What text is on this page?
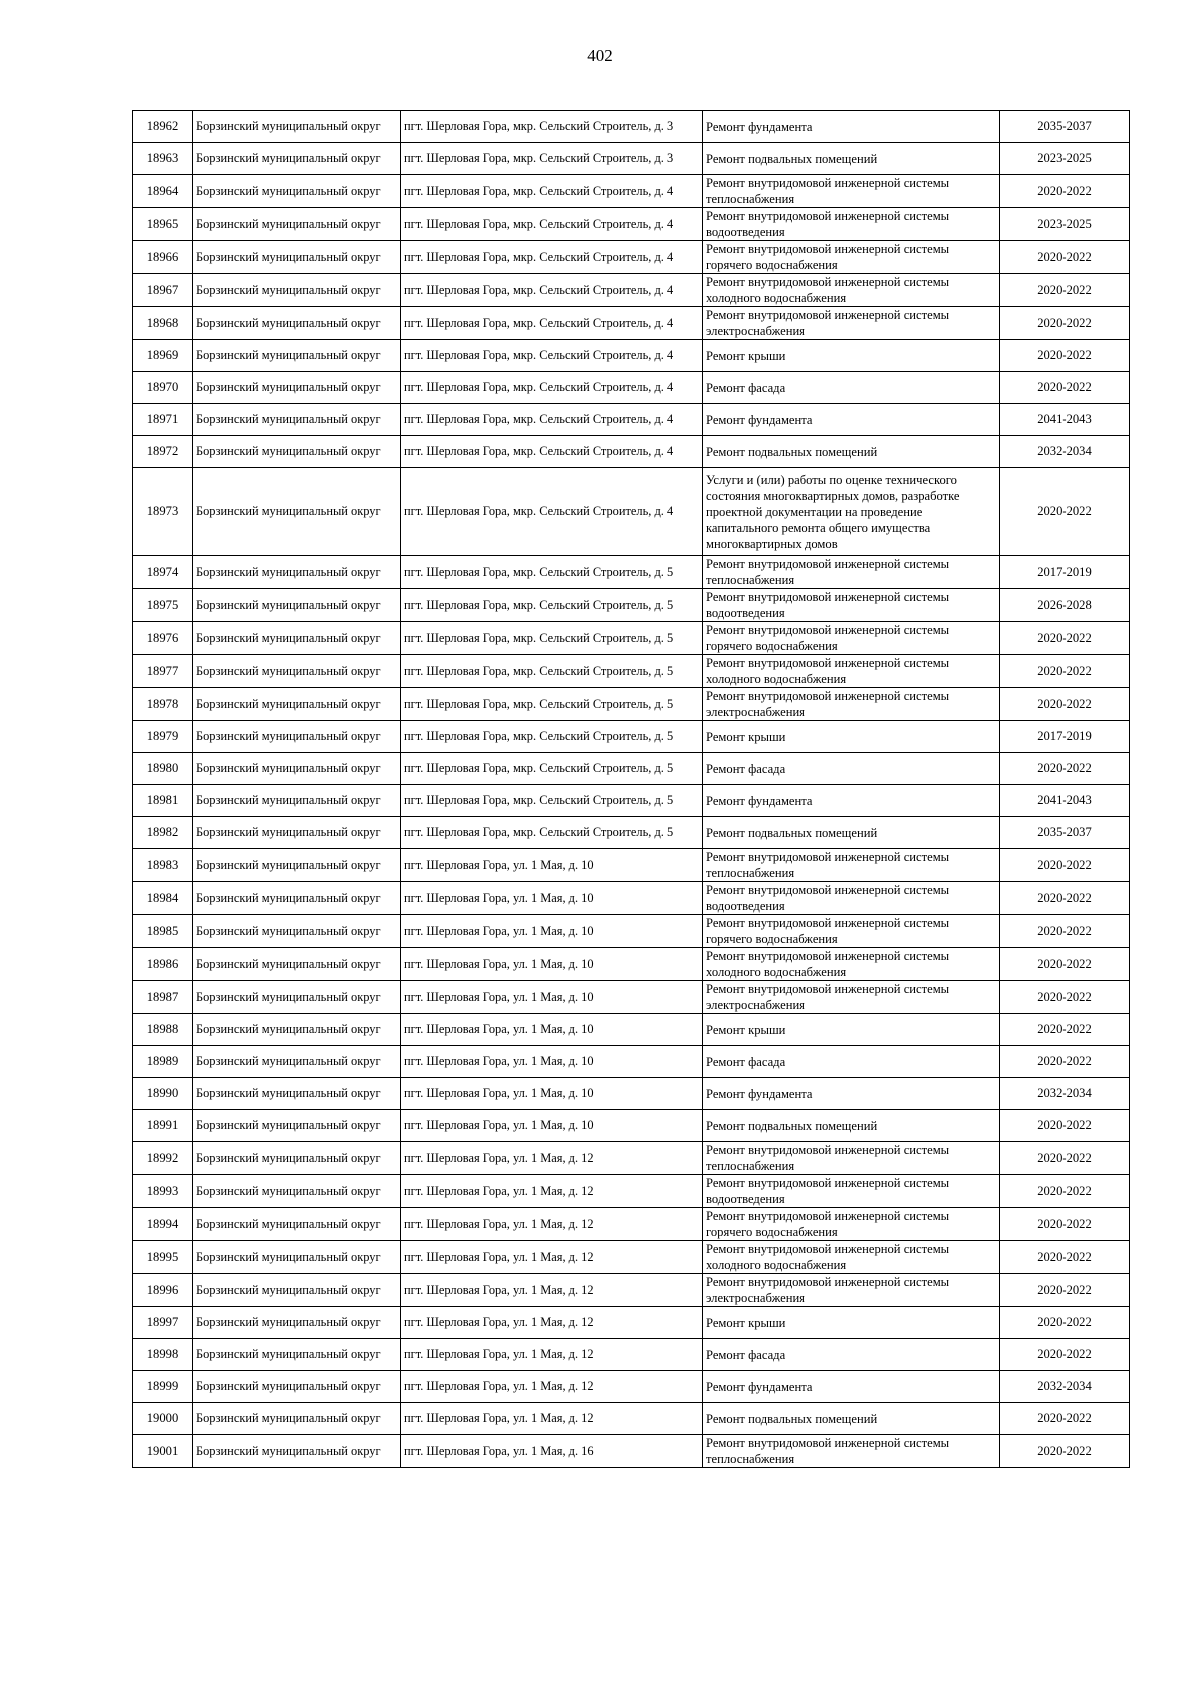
402
18962	Борзинский муниципальный округ	пгт. Шерловая Гора, мкр. Сельский Строитель, д. 3	Ремонт фундамента	2035-2037
18963	Борзинский муниципальный округ	пгт. Шерловая Гора, мкр. Сельский Строитель, д. 3	Ремонт подвальных помещений	2023-2025
18964	Борзинский муниципальный округ	пгт. Шерловая Гора, мкр. Сельский Строитель, д. 4	Ремонт внутридомовой инженерной системы теплоснабжения	2020-2022
18965	Борзинский муниципальный округ	пгт. Шерловая Гора, мкр. Сельский Строитель, д. 4	Ремонт внутридомовой инженерной системы водоотведения	2023-2025
18966	Борзинский муниципальный округ	пгт. Шерловая Гора, мкр. Сельский Строитель, д. 4	Ремонт внутридомовой инженерной системы горячего водоснабжения	2020-2022
18967	Борзинский муниципальный округ	пгт. Шерловая Гора, мкр. Сельский Строитель, д. 4	Ремонт внутридомовой инженерной системы холодного водоснабжения	2020-2022
18968	Борзинский муниципальный округ	пгт. Шерловая Гора, мкр. Сельский Строитель, д. 4	Ремонт внутридомовой инженерной системы электроснабжения	2020-2022
18969	Борзинский муниципальный округ	пгт. Шерловая Гора, мкр. Сельский Строитель, д. 4	Ремонт крыши	2020-2022
18970	Борзинский муниципальный округ	пгт. Шерловая Гора, мкр. Сельский Строитель, д. 4	Ремонт фасада	2020-2022
18971	Борзинский муниципальный округ	пгт. Шерловая Гора, мкр. Сельский Строитель, д. 4	Ремонт фундамента	2041-2043
18972	Борзинский муниципальный округ	пгт. Шерловая Гора, мкр. Сельский Строитель, д. 4	Ремонт подвальных помещений	2032-2034
18973	Борзинский муниципальный округ	пгт. Шерловая Гора, мкр. Сельский Строитель, д. 4	Услуги и (или) работы по оценке технического состояния многоквартирных домов, разработке проектной документации на проведение капитального ремонта общего имущества многоквартирных домов	2020-2022
18974	Борзинский муниципальный округ	пгт. Шерловая Гора, мкр. Сельский Строитель, д. 5	Ремонт внутридомовой инженерной системы теплоснабжения	2017-2019
18975	Борзинский муниципальный округ	пгт. Шерловая Гора, мкр. Сельский Строитель, д. 5	Ремонт внутридомовой инженерной системы водоотведения	2026-2028
18976	Борзинский муниципальный округ	пгт. Шерловая Гора, мкр. Сельский Строитель, д. 5	Ремонт внутридомовой инженерной системы горячего водоснабжения	2020-2022
18977	Борзинский муниципальный округ	пгт. Шерловая Гора, мкр. Сельский Строитель, д. 5	Ремонт внутридомовой инженерной системы холодного водоснабжения	2020-2022
18978	Борзинский муниципальный округ	пгт. Шерловая Гора, мкр. Сельский Строитель, д. 5	Ремонт внутридомовой инженерной системы электроснабжения	2020-2022
18979	Борзинский муниципальный округ	пгт. Шерловая Гора, мкр. Сельский Строитель, д. 5	Ремонт крыши	2017-2019
18980	Борзинский муниципальный округ	пгт. Шерловая Гора, мкр. Сельский Строитель, д. 5	Ремонт фасада	2020-2022
18981	Борзинский муниципальный округ	пгт. Шерловая Гора, мкр. Сельский Строитель, д. 5	Ремонт фундамента	2041-2043
18982	Борзинский муниципальный округ	пгт. Шерловая Гора, мкр. Сельский Строитель, д. 5	Ремонт подвальных помещений	2035-2037
18983	Борзинский муниципальный округ	пгт. Шерловая Гора, ул. 1 Мая, д. 10	Ремонт внутридомовой инженерной системы теплоснабжения	2020-2022
18984	Борзинский муниципальный округ	пгт. Шерловая Гора, ул. 1 Мая, д. 10	Ремонт внутридомовой инженерной системы водоотведения	2020-2022
18985	Борзинский муниципальный округ	пгт. Шерловая Гора, ул. 1 Мая, д. 10	Ремонт внутридомовой инженерной системы горячего водоснабжения	2020-2022
18986	Борзинский муниципальный округ	пгт. Шерловая Гора, ул. 1 Мая, д. 10	Ремонт внутридомовой инженерной системы холодного водоснабжения	2020-2022
18987	Борзинский муниципальный округ	пгт. Шерловая Гора, ул. 1 Мая, д. 10	Ремонт внутридомовой инженерной системы электроснабжения	2020-2022
18988	Борзинский муниципальный округ	пгт. Шерловая Гора, ул. 1 Мая, д. 10	Ремонт крыши	2020-2022
18989	Борзинский муниципальный округ	пгт. Шерловая Гора, ул. 1 Мая, д. 10	Ремонт фасада	2020-2022
18990	Борзинский муниципальный округ	пгт. Шерловая Гора, ул. 1 Мая, д. 10	Ремонт фундамента	2032-2034
18991	Борзинский муниципальный округ	пгт. Шерловая Гора, ул. 1 Мая, д. 10	Ремонт подвальных помещений	2020-2022
18992	Борзинский муниципальный округ	пгт. Шерловая Гора, ул. 1 Мая, д. 12	Ремонт внутридомовой инженерной системы теплоснабжения	2020-2022
18993	Борзинский муниципальный округ	пгт. Шерловая Гора, ул. 1 Мая, д. 12	Ремонт внутридомовой инженерной системы водоотведения	2020-2022
18994	Борзинский муниципальный округ	пгт. Шерловая Гора, ул. 1 Мая, д. 12	Ремонт внутридомовой инженерной системы горячего водоснабжения	2020-2022
18995	Борзинский муниципальный округ	пгт. Шерловая Гора, ул. 1 Мая, д. 12	Ремонт внутридомовой инженерной системы холодного водоснабжения	2020-2022
18996	Борзинский муниципальный округ	пгт. Шерловая Гора, ул. 1 Мая, д. 12	Ремонт внутридомовой инженерной системы электроснабжения	2020-2022
18997	Борзинский муниципальный округ	пгт. Шерловая Гора, ул. 1 Мая, д. 12	Ремонт крыши	2020-2022
18998	Борзинский муниципальный округ	пгт. Шерловая Гора, ул. 1 Мая, д. 12	Ремонт фасада	2020-2022
18999	Борзинский муниципальный округ	пгт. Шерловая Гора, ул. 1 Мая, д. 12	Ремонт фундамента	2032-2034
19000	Борзинский муниципальный округ	пгт. Шерловая Гора, ул. 1 Мая, д. 12	Ремонт подвальных помещений	2020-2022
19001	Борзинский муниципальный округ	пгт. Шерловая Гора, ул. 1 Мая, д. 16	Ремонт внутридомовой инженерной системы теплоснабжения	2020-2022
